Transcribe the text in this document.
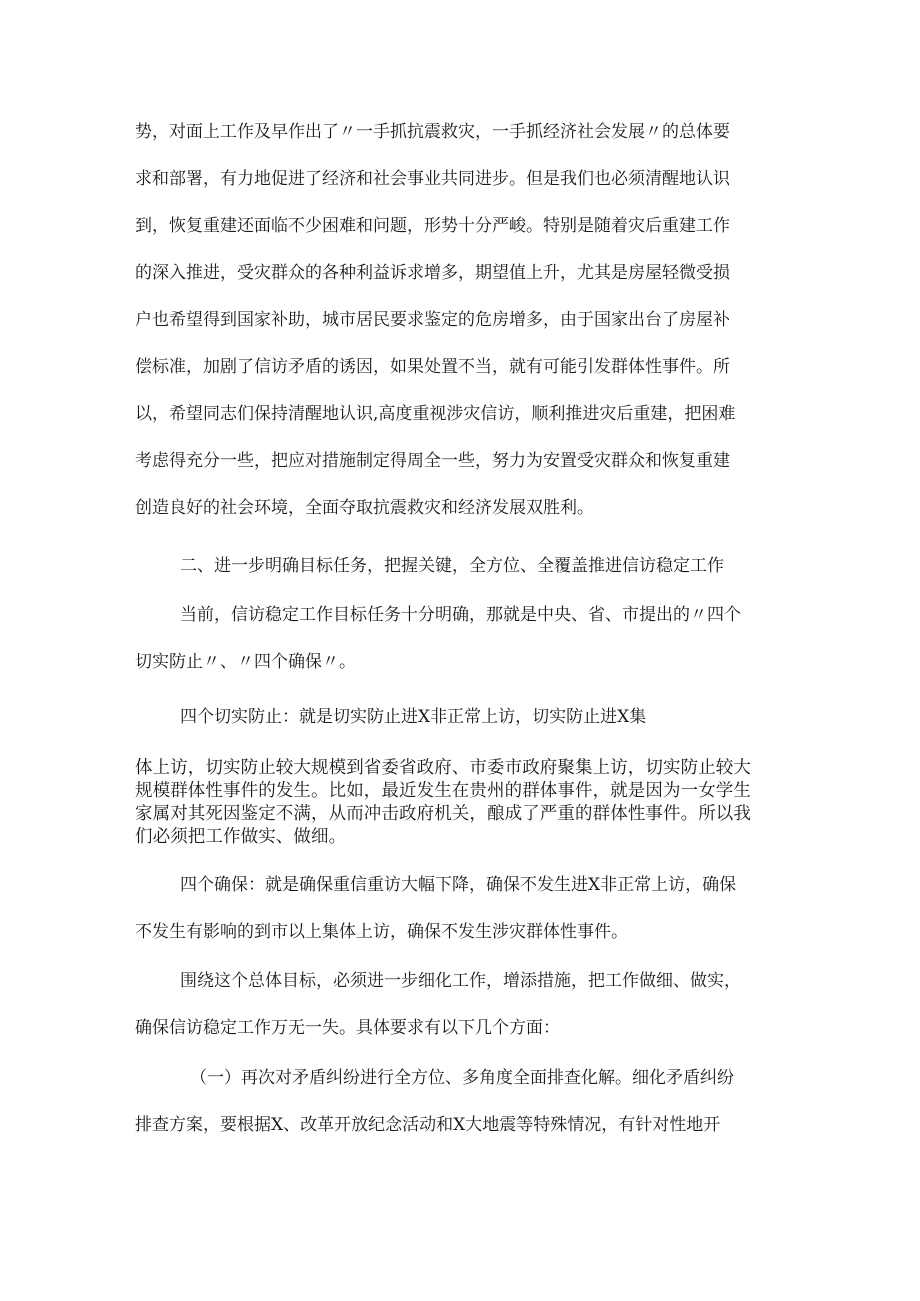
势，对面上工作及早作出了〃一手抓抗震救灾，一手抓经济社会发展〃的总体要
求和部署，有力地促进了经济和社会事业共同进步。但是我们也必须清醒地认识
到，恢复重建还面临不少困难和问题，形势十分严峻。特别是随着灾后重建工作
的深入推进，受灾群众的各种利益诉求增多，期望值上升，尤其是房屋轻微受损
户也希望得到国家补助，城市居民要求鉴定的危房增多，由于国家出台了房屋补
偿标准，加剧了信访矛盾的诱因，如果处置不当，就有可能引发群体性事件。所
以，希望同志们保持清醒地认识,高度重视涉灾信访，顺利推进灾后重建，把困难
考虑得充分一些，把应对措施制定得周全一些，努力为安置受灾群众和恢复重建
创造良好的社会环境，全面夺取抗震救灾和经济发展双胜利。
二、进一步明确目标任务，把握关键，全方位、全覆盖推进信访稳定工作
当前，信访稳定工作目标任务十分明确，那就是中央、省、市提出的〃四个
切实防止〃、〃四个确保〃。
四个切实防止：就是切实防止进X非正常上访，切实防止进X集
体上访，切实防止较大规模到省委省政府、市委市政府聚集上访，切实防止较大
规模群体性事件的发生。比如，最近发生在贵州的群体事件，就是因为一女学生
家属对其死因鉴定不满，从而冲击政府机关，酿成了严重的群体性事件。所以我
们必须把工作做实、做细。
四个确保：就是确保重信重访大幅下降，确保不发生进X非正常上访，确保
不发生有影响的到市以上集体上访，确保不发生涉灾群体性事件。
围绕这个总体目标，必须进一步细化工作，增添措施，把工作做细、做实，
确保信访稳定工作万无一失。具体要求有以下几个方面：
（一）再次对矛盾纠纷进行全方位、多角度全面排查化解。细化矛盾纠纷
排查方案，要根据X、改革开放纪念活动和X大地震等特殊情况，有针对性地开
